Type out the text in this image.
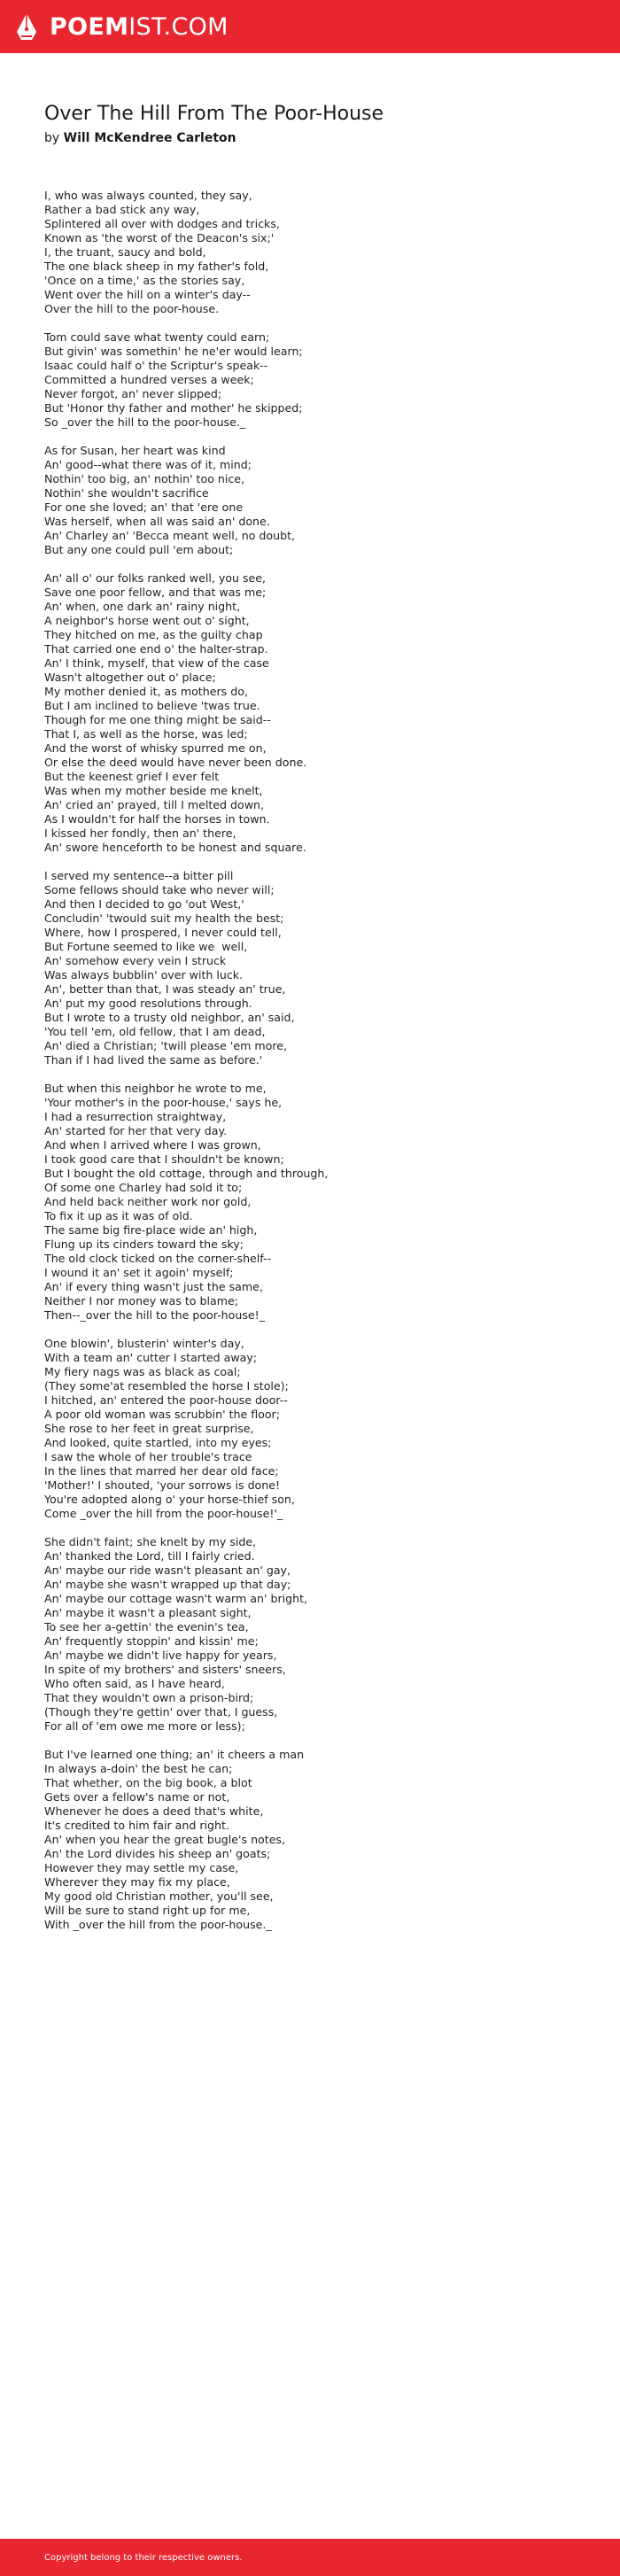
POEMIST.COM
Over The Hill From The Poor-House
by Will McKendree Carleton
I, who was always counted, they say,
Rather a bad stick any way,
Splintered all over with dodges and tricks,
Known as 'the worst of the Deacon's six;'
I, the truant, saucy and bold,
The one black sheep in my father's fold,
'Once on a time,' as the stories say,
Went over the hill on a winter's day--
Over the hill to the poor-house.
Tom could save what twenty could earn;
But givin' was somethin' he ne'er would learn;
Isaac could half o' the Scriptur's speak--
Committed a hundred verses a week;
Never forgot, an' never slipped;
But 'Honor thy father and mother' he skipped;
So _over the hill to the poor-house._
As for Susan, her heart was kind
An' good--what there was of it, mind;
Nothin' too big, an' nothin' too nice,
Nothin' she wouldn't sacrifice
For one she loved; an' that 'ere one
Was herself, when all was said an' done.
An' Charley an' 'Becca meant well, no doubt,
But any one could pull 'em about;
An' all o' our folks ranked well, you see,
Save one poor fellow, and that was me;
An' when, one dark an' rainy night,
A neighbor's horse went out o' sight,
They hitched on me, as the guilty chap
That carried one end o' the halter-strap.
An' I think, myself, that view of the case
Wasn't altogether out o' place;
My mother denied it, as mothers do,
But I am inclined to believe 'twas true.
Though for me one thing might be said--
That I, as well as the horse, was led;
And the worst of whisky spurred me on,
Or else the deed would have never been done.
But the keenest grief I ever felt
Was when my mother beside me knelt,
An' cried an' prayed, till I melted down,
As I wouldn't for half the horses in town.
I kissed her fondly, then an' there,
An' swore henceforth to be honest and square.
I served my sentence--a bitter pill
Some fellows should take who never will;
And then I decided to go 'out West,'
Concludin' 'twould suit my health the best;
Where, how I prospered, I never could tell,
But Fortune seemed to like we  well,
An' somehow every vein I struck
Was always bubblin' over with luck.
An', better than that, I was steady an' true,
An' put my good resolutions through.
But I wrote to a trusty old neighbor, an' said,
'You tell 'em, old fellow, that I am dead,
An' died a Christian; 'twill please 'em more,
Than if I had lived the same as before.'
But when this neighbor he wrote to me,
'Your mother's in the poor-house,' says he,
I had a resurrection straightway,
An' started for her that very day.
And when I arrived where I was grown,
I took good care that I shouldn't be known;
But I bought the old cottage, through and through,
Of some one Charley had sold it to;
And held back neither work nor gold,
To fix it up as it was of old.
The same big fire-place wide an' high,
Flung up its cinders toward the sky;
The old clock ticked on the corner-shelf--
I wound it an' set it agoin' myself;
An' if every thing wasn't just the same,
Neither I nor money was to blame;
Then--_over the hill to the poor-house!_
One blowin', blusterin' winter's day,
With a team an' cutter I started away;
My fiery nags was as black as coal;
(They some'at resembled the horse I stole);
I hitched, an' entered the poor-house door--
A poor old woman was scrubbin' the floor;
She rose to her feet in great surprise,
And looked, quite startled, into my eyes;
I saw the whole of her trouble's trace
In the lines that marred her dear old face;
'Mother!' I shouted, 'your sorrows is done!
You're adopted along o' your horse-thief son,
Come _over the hill from the poor-house!'_
She didn't faint; she knelt by my side,
An' thanked the Lord, till I fairly cried.
An' maybe our ride wasn't pleasant an' gay,
An' maybe she wasn't wrapped up that day;
An' maybe our cottage wasn't warm an' bright,
An' maybe it wasn't a pleasant sight,
To see her a-gettin' the evenin's tea,
An' frequently stoppin' and kissin' me;
An' maybe we didn't live happy for years,
In spite of my brothers' and sisters' sneers,
Who often said, as I have heard,
That they wouldn't own a prison-bird;
(Though they're gettin' over that, I guess,
For all of 'em owe me more or less);
But I've learned one thing; an' it cheers a man
In always a-doin' the best he can;
That whether, on the big book, a blot
Gets over a fellow's name or not,
Whenever he does a deed that's white,
It's credited to him fair and right.
An' when you hear the great bugle's notes,
An' the Lord divides his sheep an' goats;
However they may settle my case,
Wherever they may fix my place,
My good old Christian mother, you'll see,
Will be sure to stand right up for me,
With _over the hill from the poor-house._
Copyright belong to their respective owners.
